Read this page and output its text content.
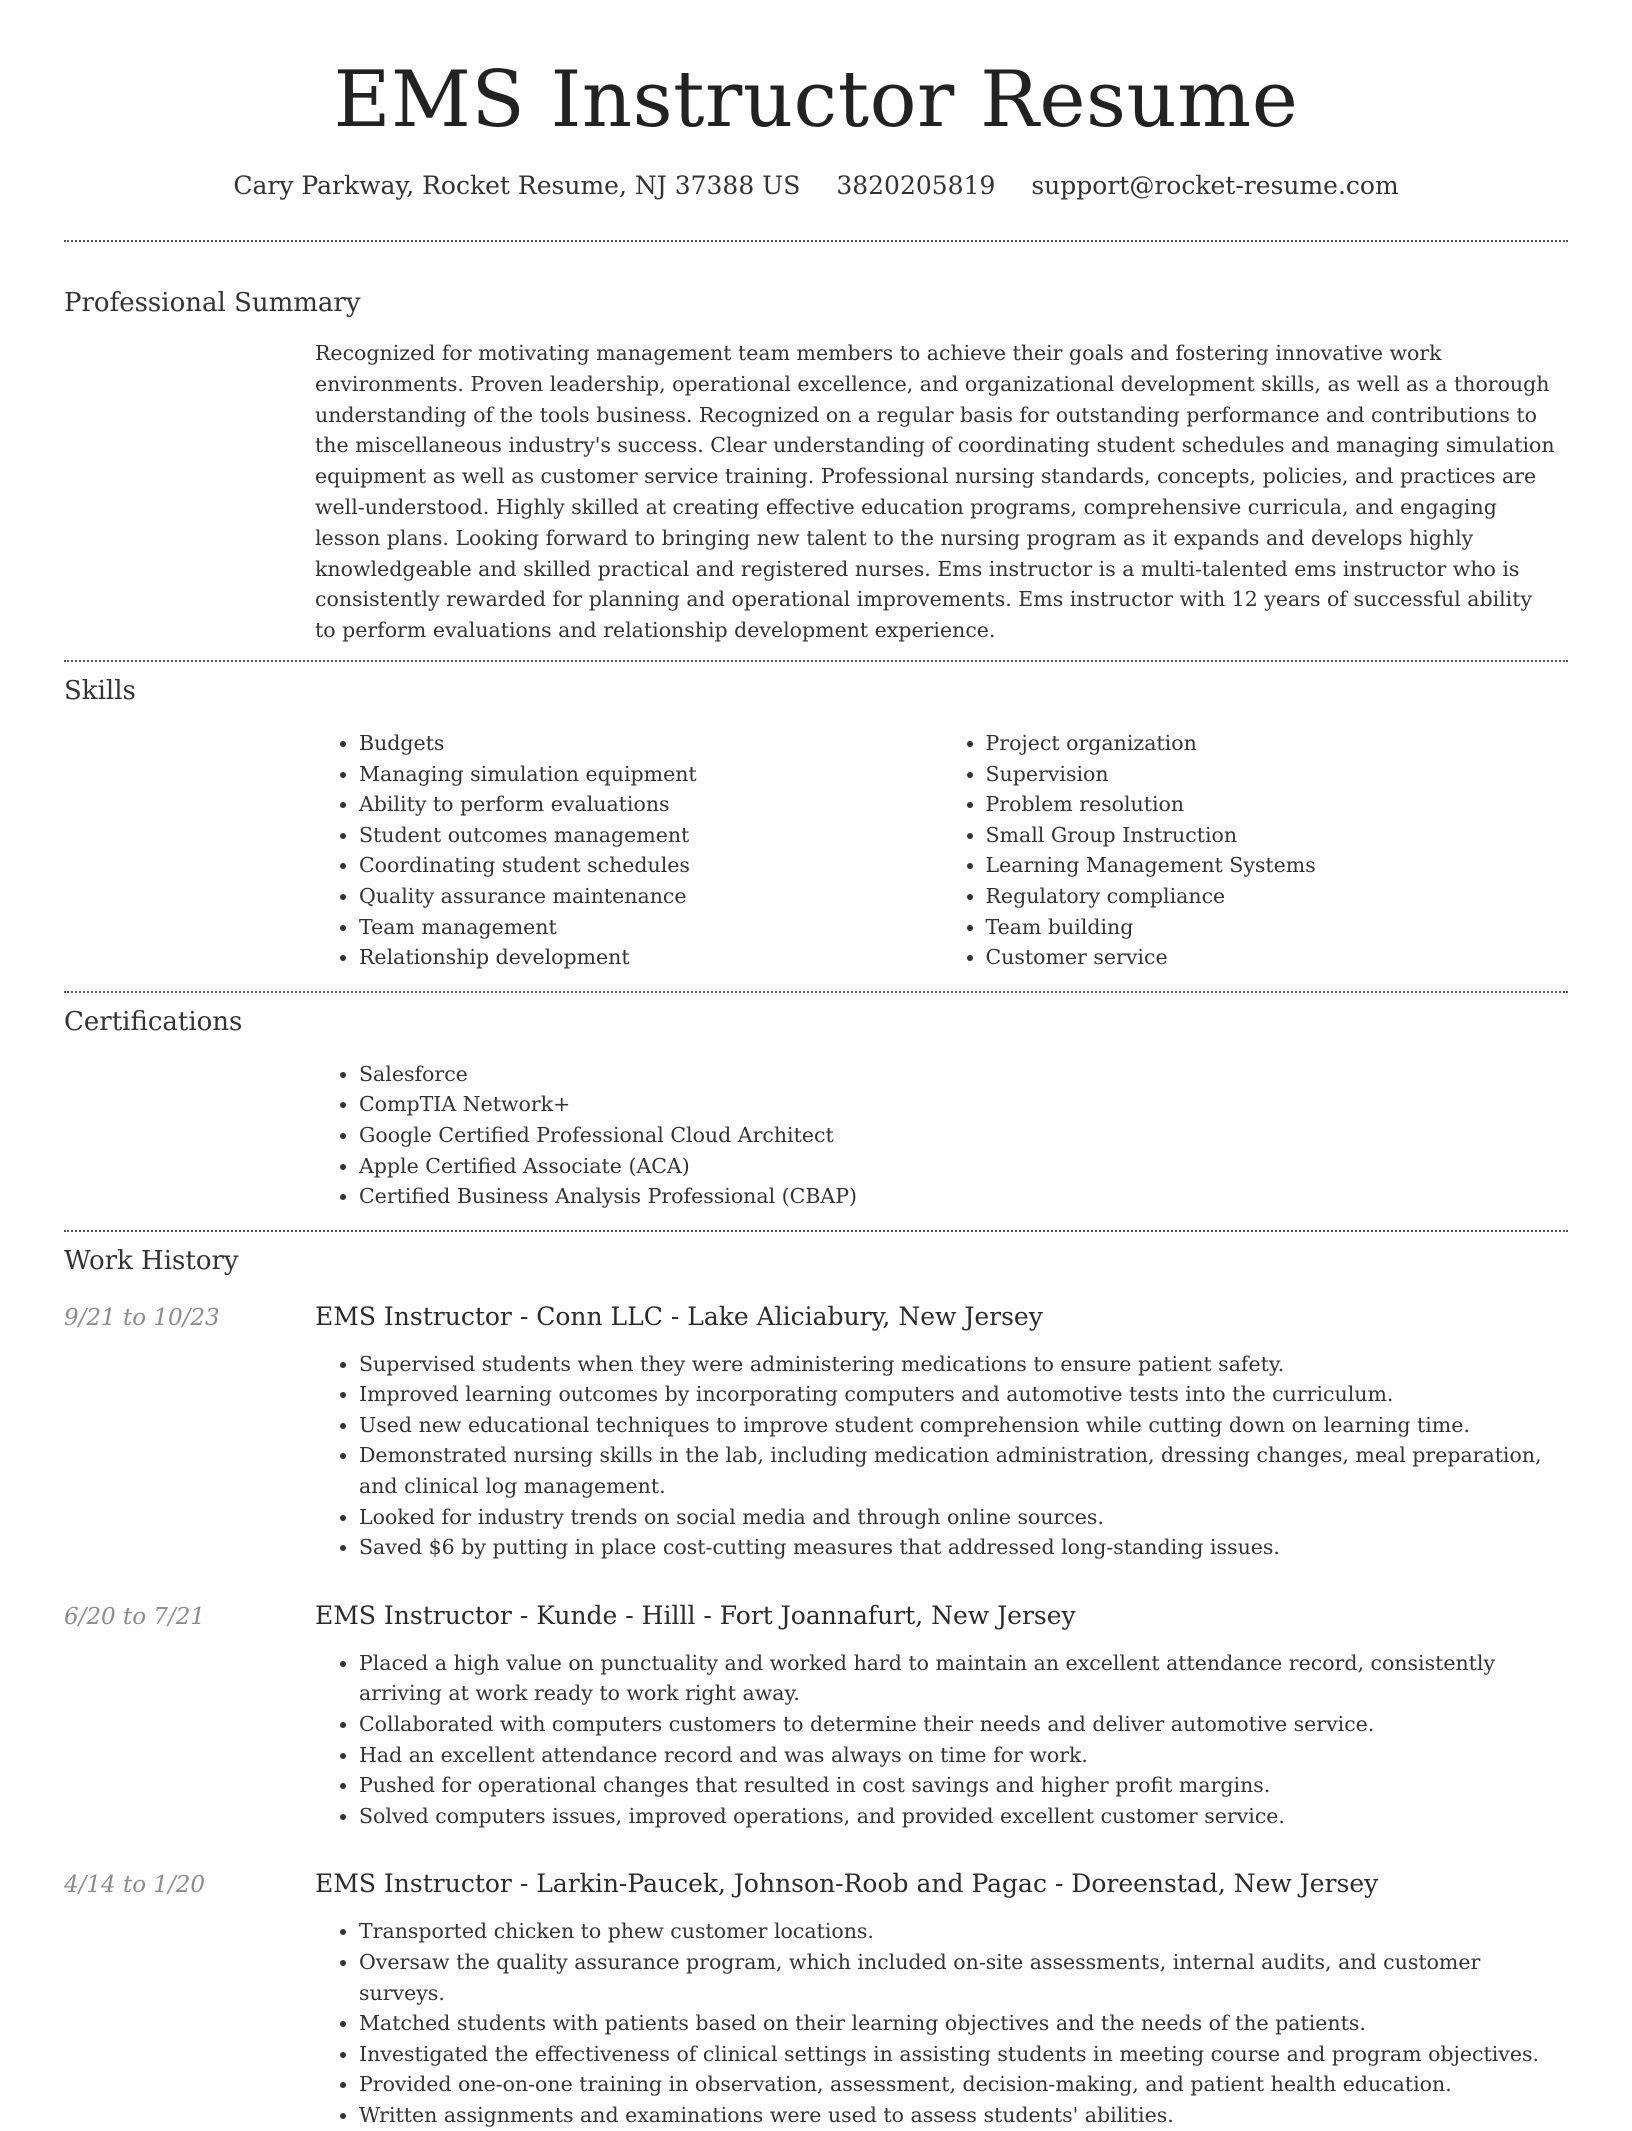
EMS Instructor Resume
Cary Parkway, Rocket Resume, NJ 37388 US 3820205819 support@rocket-resume.com
Professional Summary

Recognized for motivating management team members to achieve their goals and fostering innovative work environments. Proven leadership, operational excellence, and organizational development skills, as well as a thorough understanding of the tools business. Recognized on a regular basis for outstanding performance and contributions to the miscellaneous industry's success. Clear understanding of coordinating student schedules and managing simulation equipment as well as customer service training. Professional nursing standards, concepts, policies, and practices are well-understood. Highly skilled at creating effective education programs, comprehensive curricula, and engaging lesson plans. Looking forward to bringing new talent to the nursing program as it expands and develops highly knowledgeable and skilled practical and registered nurses. Ems instructor is a multi-talented ems instructor who is consistently rewarded for planning and operational improvements. Ems instructor with 12 years of successful ability to perform evaluations and relationship development experience.

Skills
• Budgets
• Managing simulation equipment
• Ability to perform evaluations
• Student outcomes management
• Coordinating student schedules
• Quality assurance maintenance
• Team management
• Relationship development
• Project organization
• Supervision
• Problem resolution
• Small Group Instruction
• Learning Management Systems
• Regulatory compliance
• Team building
• Customer service
Certifications
• Salesforce
• CompTIA Network+
• Google Certified Professional Cloud Architect
• Apple Certified Associate (ACA)
• Certified Business Analysis Professional (CBAP)
Work History
9/21 to 10/23	EMS Instructor - Conn LLC - Lake Aliciabury, New Jersey
• Supervised students when they were administering medications to ensure patient safety.
• Improved learning outcomes by incorporating computers and automotive tests into the curriculum.
• Used new educational techniques to improve student comprehension while cutting down on learning time.
• Demonstrated nursing skills in the lab, including medication administration, dressing changes, meal preparation, and clinical log management.
• Looked for industry trends on social media and through online sources.
• Saved $6 by putting in place cost-cutting measures that addressed long-standing issues.
6/20 to 7/21	EMS Instructor - Kunde - Hilll - Fort Joannafurt, New Jersey
• Placed a high value on punctuality and worked hard to maintain an excellent attendance record, consistently arriving at work ready to work right away.
• Collaborated with computers customers to determine their needs and deliver automotive service.
• Had an excellent attendance record and was always on time for work.
• Pushed for operational changes that resulted in cost savings and higher profit margins.
• Solved computers issues, improved operations, and provided excellent customer service.
4/14 to 1/20	EMS Instructor - Larkin-Paucek, Johnson-Roob and Pagac - Doreenstad, New Jersey
• Transported chicken to phew customer locations.
• Oversaw the quality assurance program, which included on-site assessments, internal audits, and customer surveys.
• Matched students with patients based on their learning objectives and the needs of the patients.
• Investigated the effectiveness of clinical settings in assisting students in meeting course and program objectives.
• Provided one-on-one training in observation, assessment, decision-making, and patient health education.
• Written assignments and examinations were used to assess students' abilities.
